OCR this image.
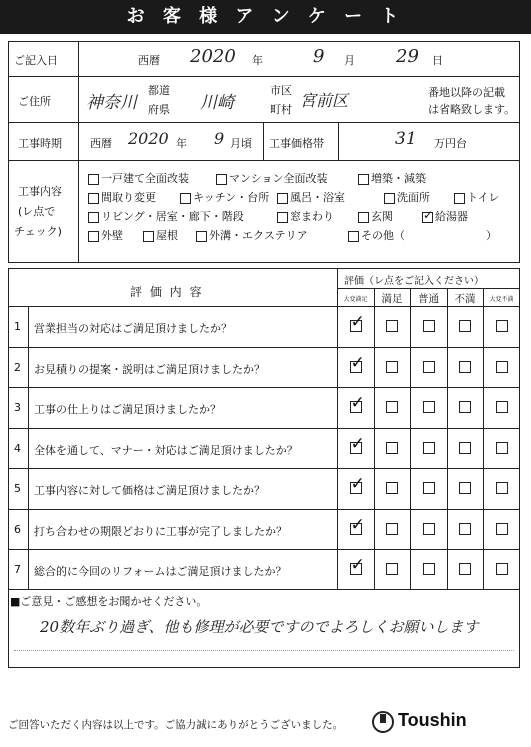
お 客 様 ア ン ケ ー ト
ご記入日	西暦 2020 年	9 月 29 日
ご住所 神奈川
都道
府県 川崎
市区
町村 宮前区	番地以降の記載
は省略致します。
工事時期	西暦 2020 年 9 月頃 工事価格帯	31 万円台
工事内容
(レ点で
チェック)
一戸建て全面改装	マンション全面改装	増築・減築
間取り変更	キッチン・台所	風呂・浴室	洗面所	トイレ
リビング・居室・廊下・階段	窓まわり	玄関
✓	給湯器
外壁	屋根	外溝・エクステリア	その他（	）
評 価 内 容
評価（レ点をご記入ください）
大変満足	満足	普通	不満	大変不満
1 営業担当の対応はご満足頂けましたか？	✓
2 お見積りの提案・説明はご満足頂けましたか？	✓
3 工事の仕上りはご満足頂けましたか？	✓
4 全体を通して、マナー・対応はご満足頂けましたか？	✓
5 工事内容に対して価格はご満足頂けましたか？	✓
6 打ち合わせの期限どおりに工事が完了しましたか？	✓
7 総合的に今回のリフォームはご満足頂けましたか？	✓
■ご意見・ご感想をお聞かせください。
20数年ぶり過ぎ、他も修理が必要ですのでよろしくお願いします
ご回答いただく内容は以上です。ご協力誠にありがとうございました。	Toushin
